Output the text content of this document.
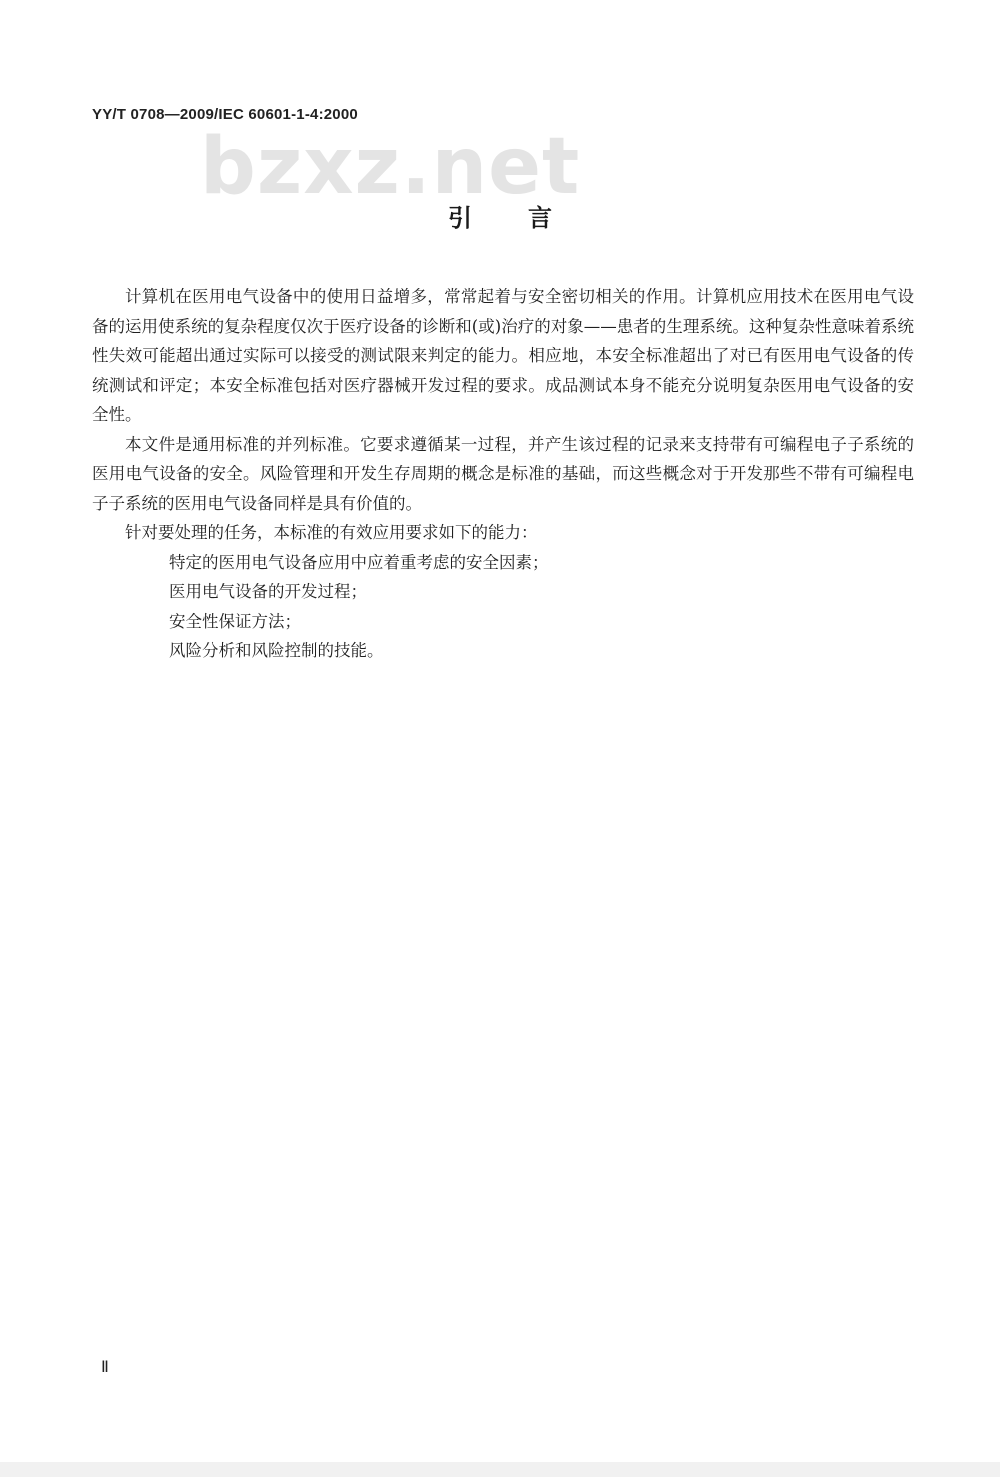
YY/T 0708—2009/IEC 60601-1-4:2000
bzxz.net
引言

计算机在医用电气设备中的使用日益增多，常常起着与安全密切相关的作用。计算机应用技术在医用电气设备的运用使系统的复杂程度仅次于医疗设备的诊断和(或)治疗的对象——患者的生理系统。这种复杂性意味着系统性失效可能超出通过实际可以接受的测试限来判定的能力。相应地，本安全标准超出了对已有医用电气设备的传统测试和评定；本安全标准包括对医疗器械开发过程的要求。成品测试本身不能充分说明复杂医用电气设备的安全性。

本文件是通用标准的并列标准。它要求遵循某一过程，并产生该过程的记录来支持带有可编程电子子系统的医用电气设备的安全。风险管理和开发生存周期的概念是标准的基础，而这些概念对于开发那些不带有可编程电子子系统的医用电气设备同样是具有价值的。

针对要处理的任务，本标准的有效应用要求如下的能力：

特定的医用电气设备应用中应着重考虑的安全因素；
医用电气设备的开发过程；
安全性保证方法；
风险分析和风险控制的技能。
Ⅱ
